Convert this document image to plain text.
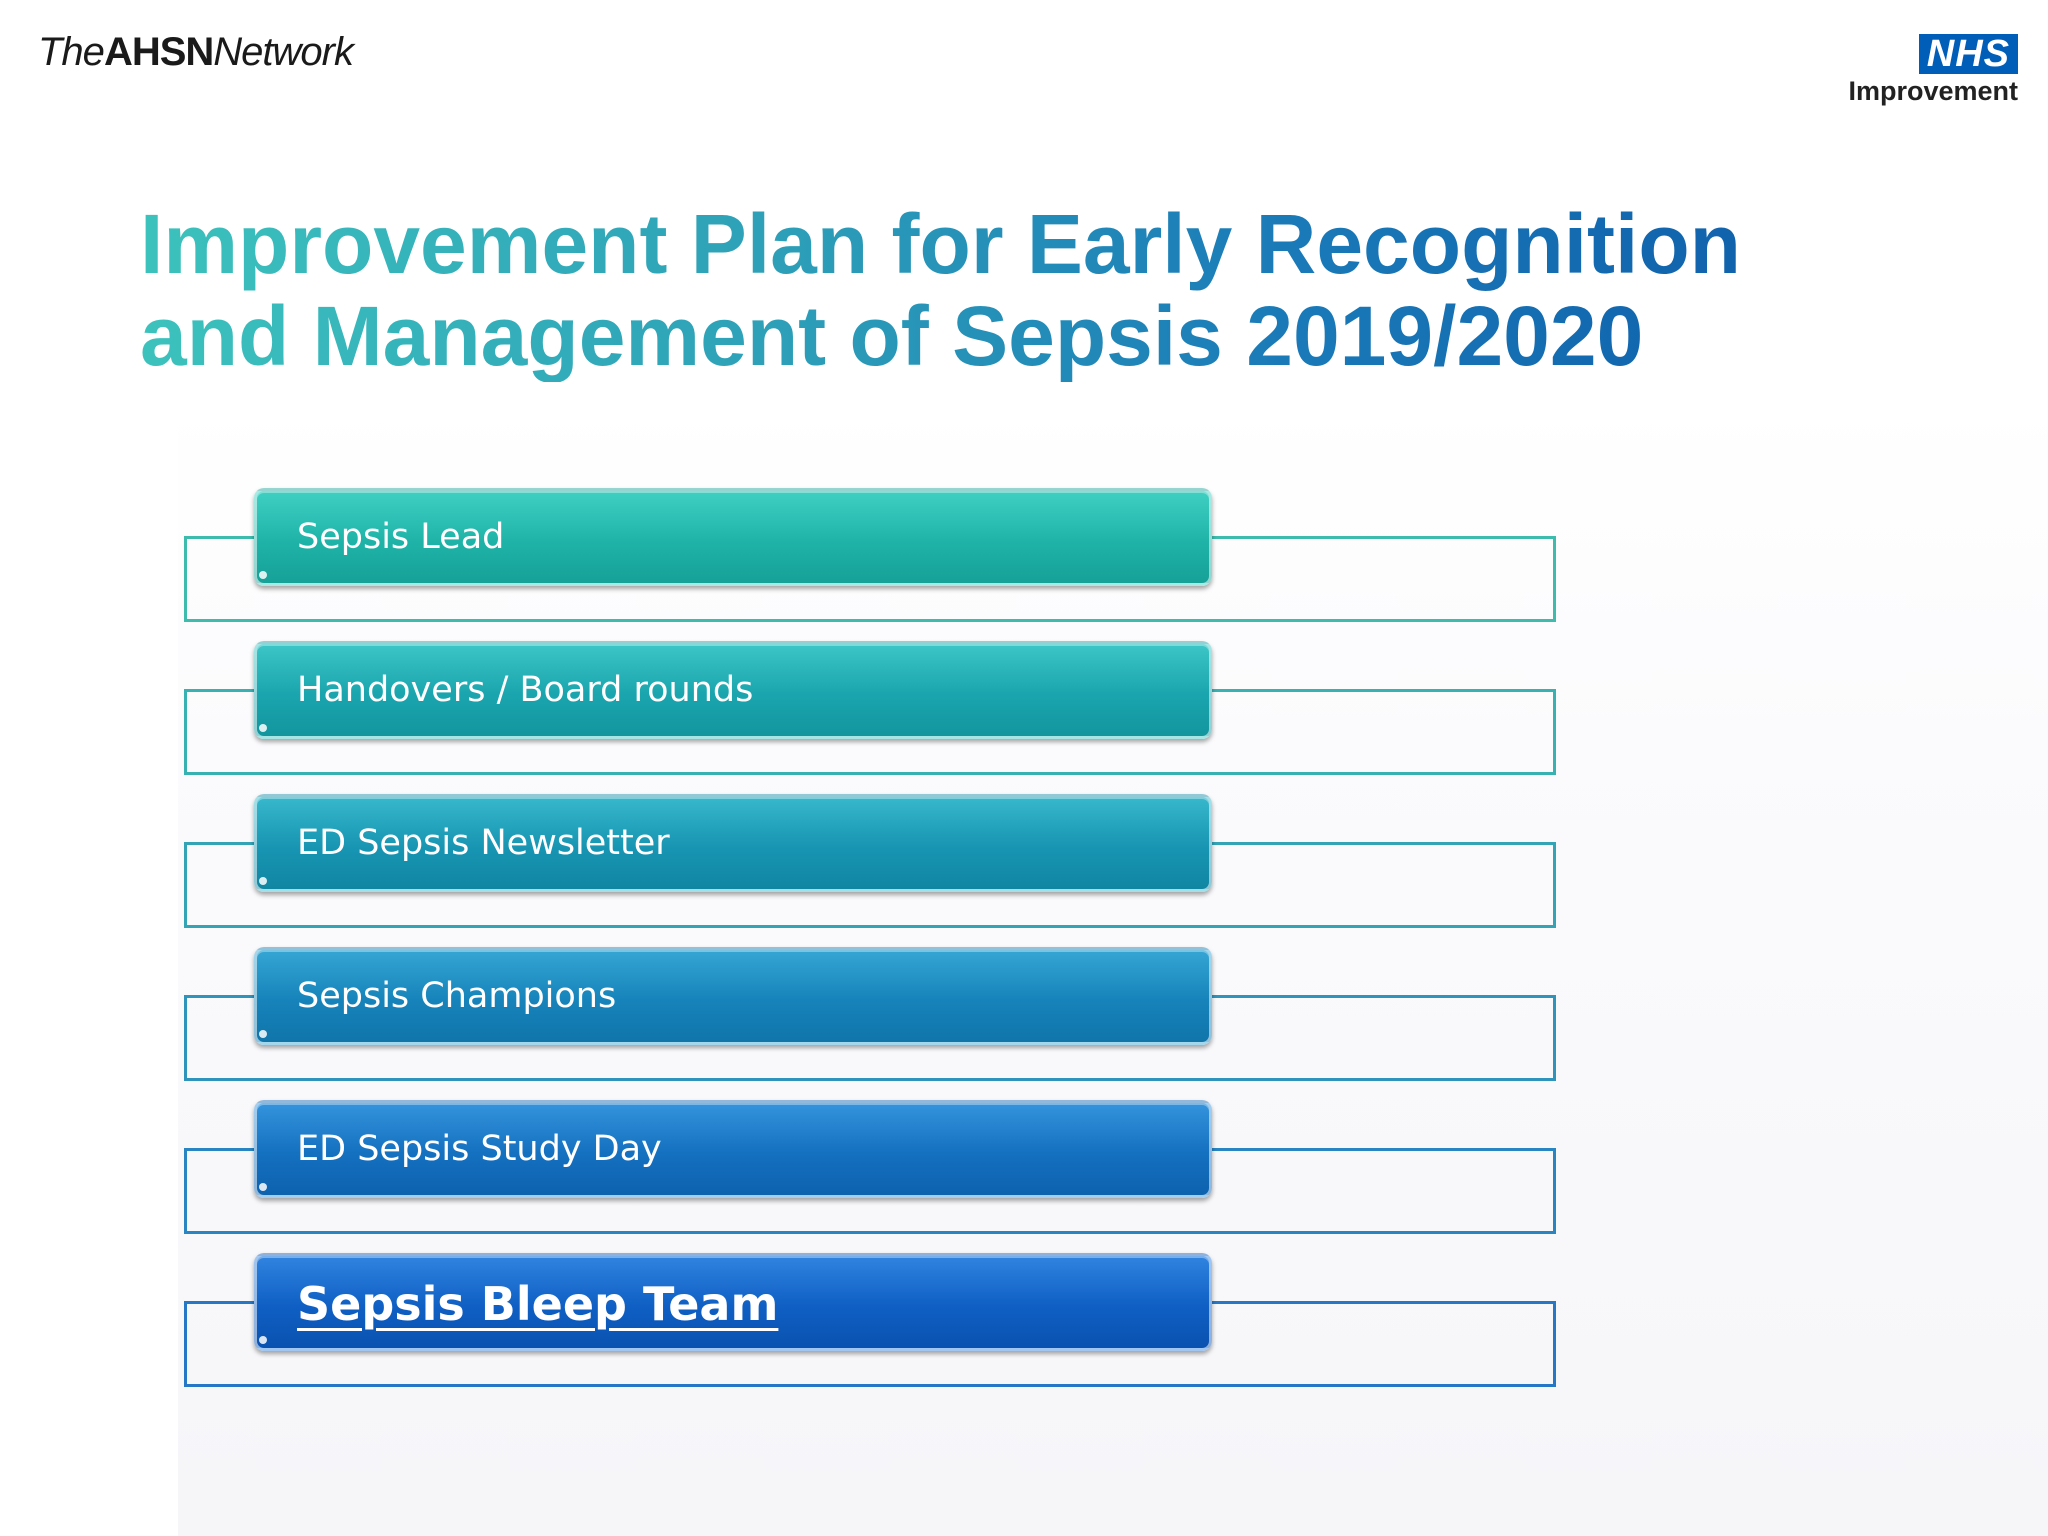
TheAHSNNetwork	NHS
Improvement
Improvement Plan for Early Recognition and Management of Sepsis 2019/2020
Sepsis Lead
Handovers / Board rounds
ED Sepsis Newsletter
Sepsis Champions
ED Sepsis Study Day
Sepsis Bleep Team
